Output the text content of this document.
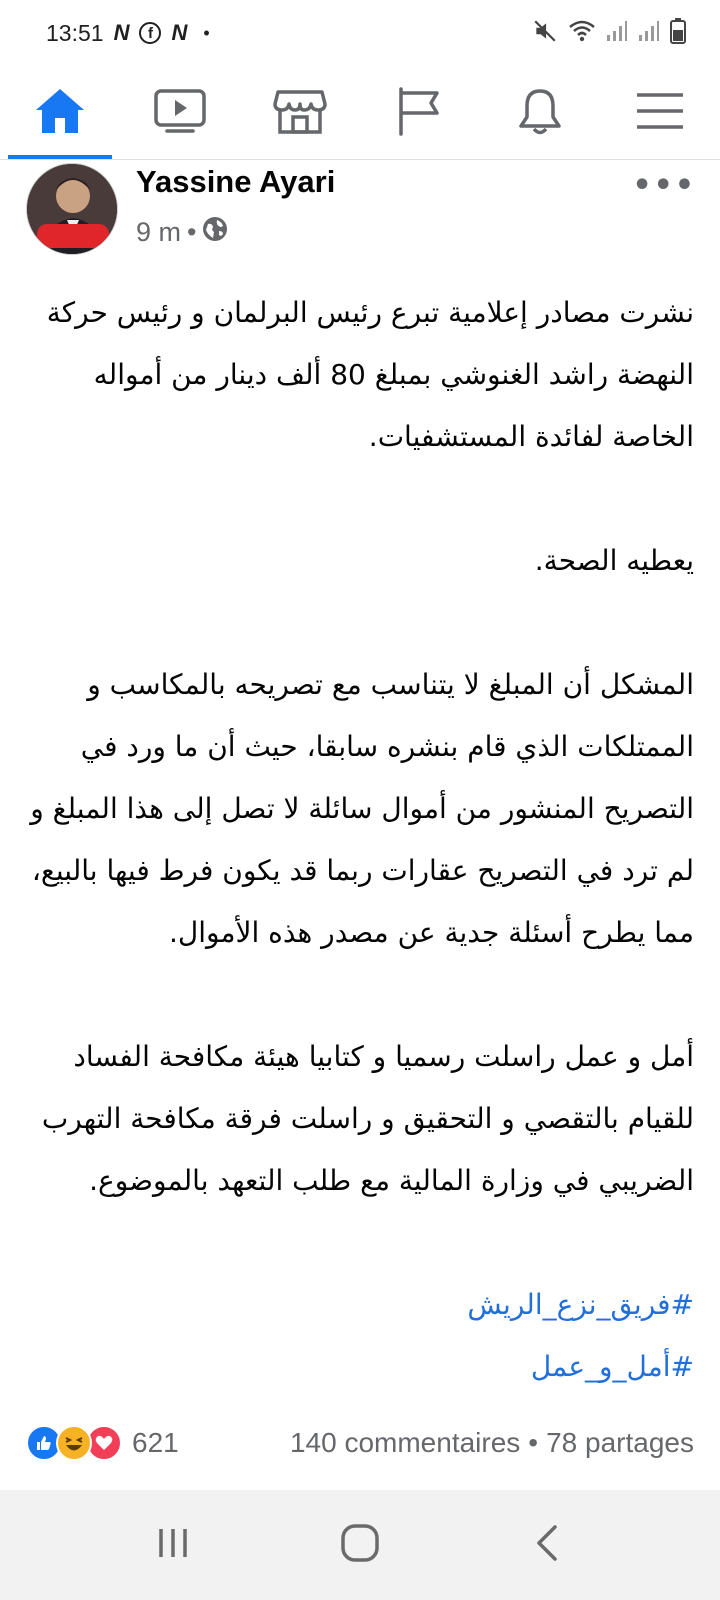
13:51 N	f N •
Yassine Ayari
9 m •
•••

نشرت مصادر إعلامية تبرع رئيس البرلمان و رئيس حركة النهضة راشد الغنوشي بمبلغ 80 ألف دينار من أمواله الخاصة لفائدة المستشفيات.

يعطيه الصحة.

المشكل أن المبلغ لا يتناسب مع تصريحه بالمكاسب و الممتلكات الذي قام بنشره سابقا، حيث أن ما ورد في التصريح المنشور من أموال سائلة لا تصل إلى هذا المبلغ و لم ترد في التصريح عقارات ربما قد يكون فرط فيها بالبيع، مما يطرح أسئلة جدية عن مصدر هذه الأموال.

أمل و عمل راسلت رسميا و كتابيا هيئة مكافحة الفساد للقيام بالتقصي و التحقيق و راسلت فرقة مكافحة التهرب الضريبي في وزارة المالية مع طلب التعهد بالموضوع.

#فريق_نزع_الريش
#أمل_و_عمل
621	140 commentaires • 78 partages
